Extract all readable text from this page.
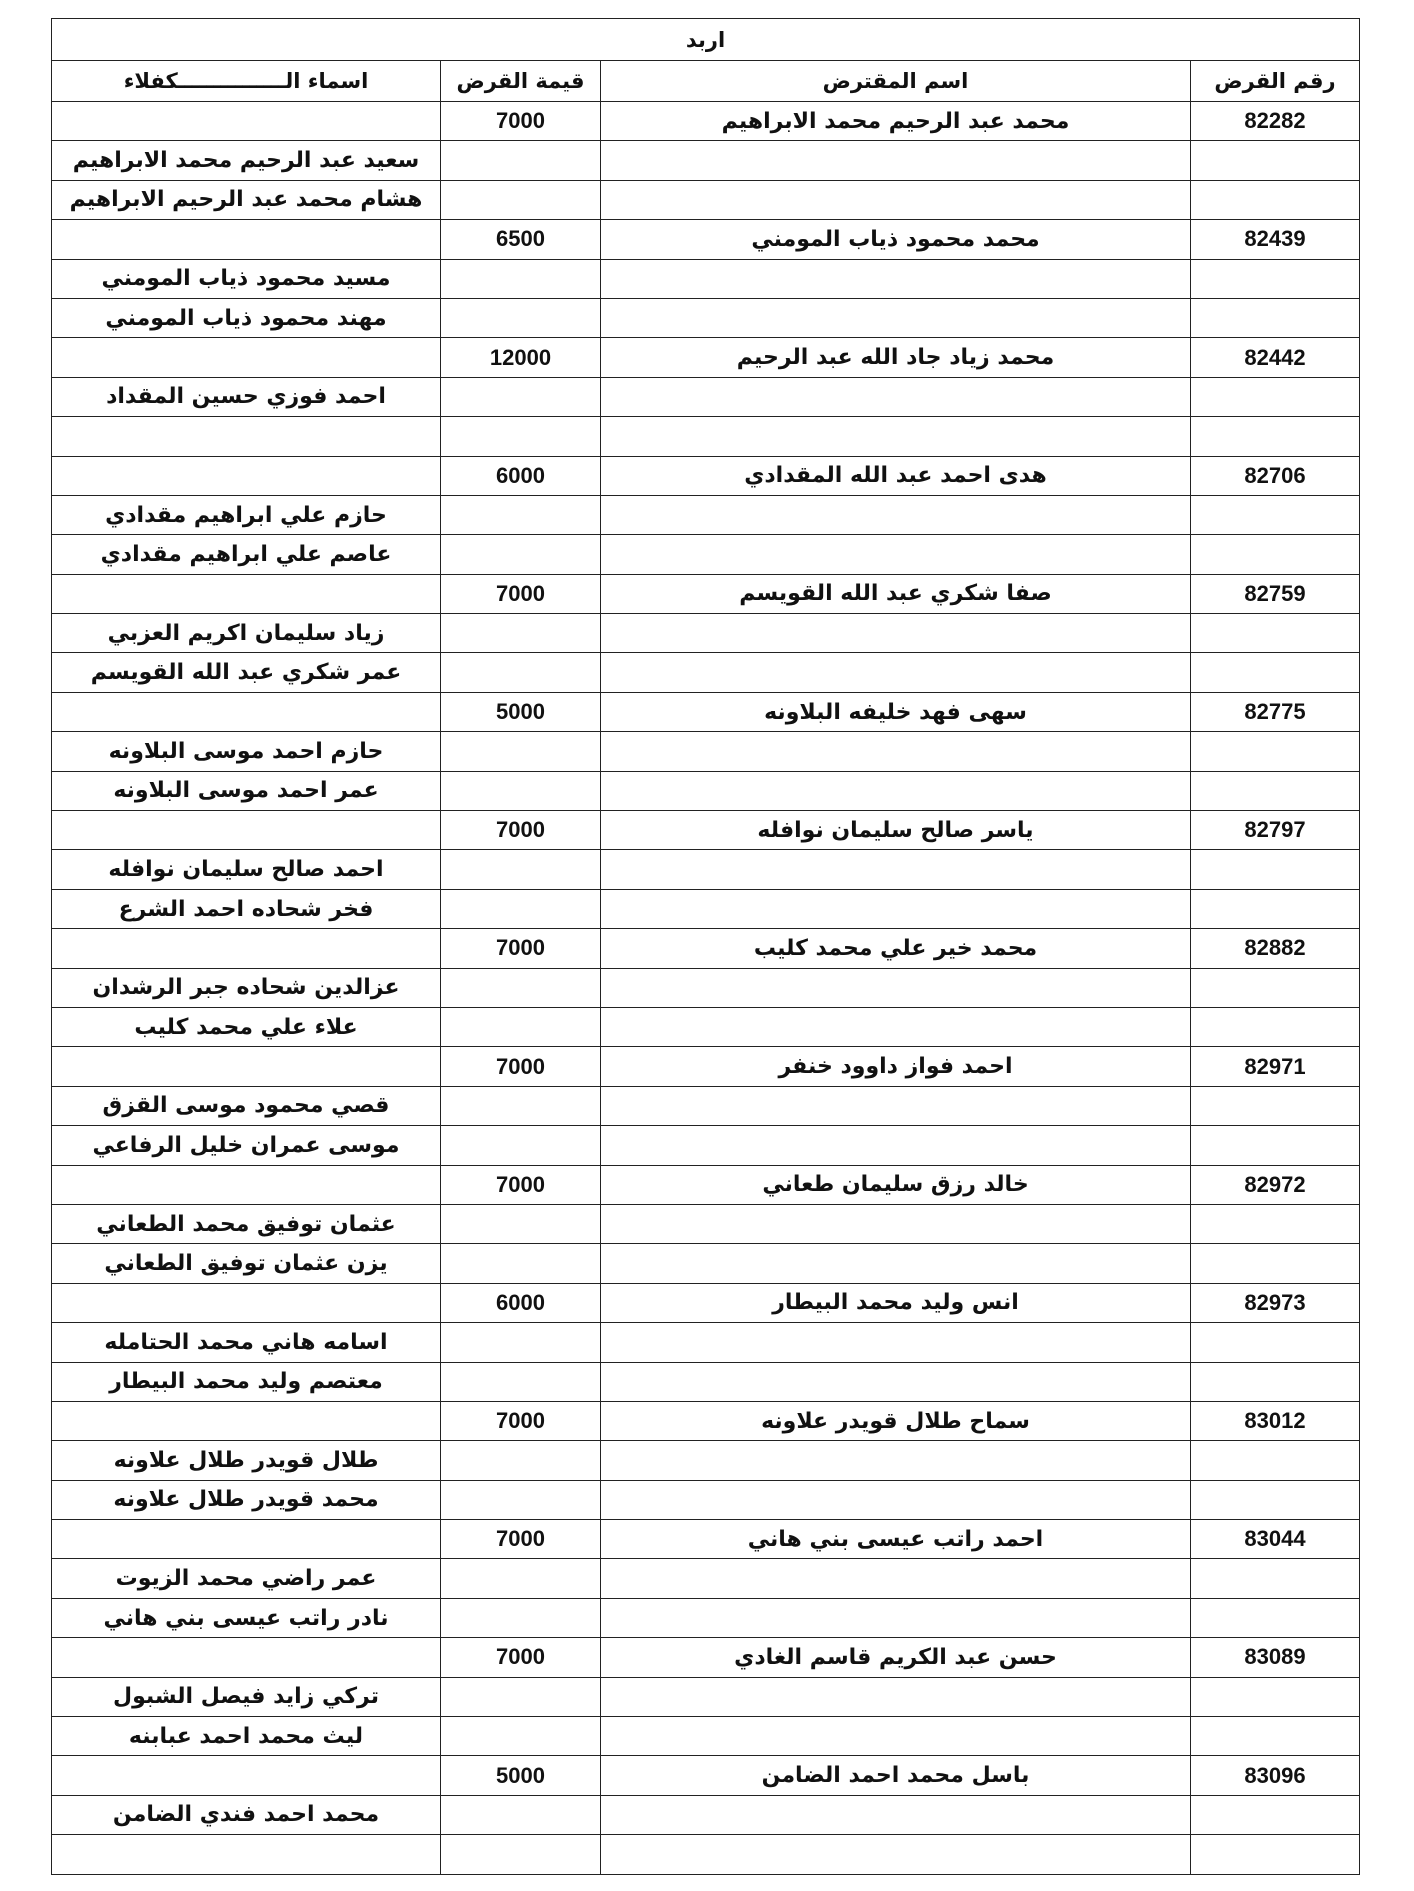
اربد			
اسماء الـــــــــــــــكفلاء	قيمة القرض	اسم المقترض	رقم القرض
	7000	محمد عبد الرحيم محمد الابراهيم	82282
سعيد عبد الرحيم محمد الابراهيم			
هشام محمد عبد الرحيم الابراهيم			
	6500	محمد محمود ذياب المومني	82439
مسيد محمود ذياب المومني			
مهند محمود ذياب المومني			
	12000	محمد زياد جاد الله عبد الرحيم	82442
احمد فوزي حسين المقداد			

	6000	هدى احمد عبد الله المقدادي	82706
حازم علي ابراهيم مقدادي			
عاصم علي ابراهيم مقدادي			
	7000	صفا شكري عبد الله القويسم	82759
زياد سليمان اكريم العزبي			
عمر شكري عبد الله القويسم			
	5000	سهى فهد خليفه البلاونه	82775
حازم احمد موسى البلاونه			
عمر احمد موسى البلاونه			
	7000	ياسر صالح سليمان نوافله	82797
احمد صالح سليمان نوافله			
فخر شحاده احمد الشرع			
	7000	محمد خير علي محمد كليب	82882
عزالدين شحاده جبر الرشدان			
علاء علي محمد كليب			
	7000	احمد فواز داوود خنفر	82971
قصي محمود موسى القزق			
موسى عمران خليل الرفاعي			
	7000	خالد رزق سليمان طعاني	82972
عثمان توفيق محمد الطعاني			
يزن عثمان توفيق الطعاني			
	6000	انس وليد محمد البيطار	82973
اسامه هاني محمد الحتامله			
معتصم وليد محمد البيطار			
	7000	سماح طلال قويدر علاونه	83012
طلال قويدر طلال علاونه			
محمد قويدر طلال علاونه			
	7000	احمد راتب عيسى بني هاني	83044
عمر راضي محمد الزيوت			
نادر راتب عيسى بني هاني			
	7000	حسن عبد الكريم قاسم الغادي	83089
تركي زايد فيصل الشبول			
ليث محمد احمد عبابنه			
	5000	باسل محمد احمد الضامن	83096
محمد احمد فندي الضامن			
